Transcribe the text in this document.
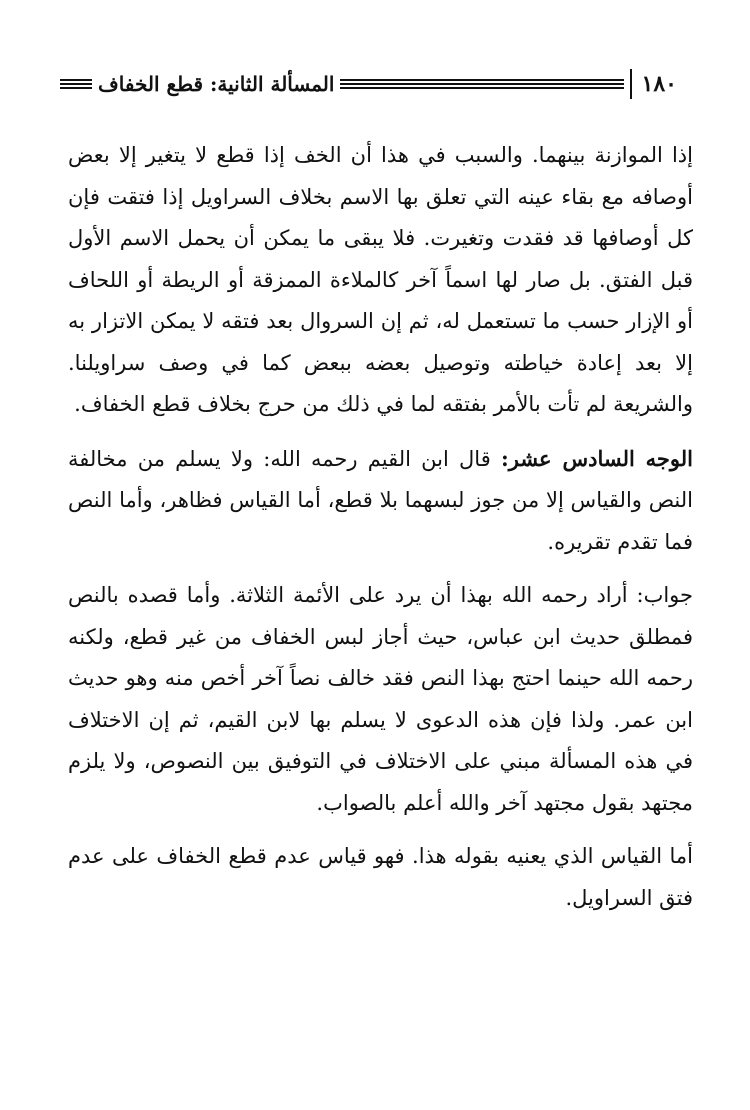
١٨٠
المسألة الثانية: قطع الخفاف

إذا الموازنة بينهما. والسبب في هذا أن الخف إذا قطع لا يتغير إلا بعض أوصافه مع بقاء عينه التي تعلق بها الاسم بخلاف السراويل إذا فتقت فإن كل أوصافها قد فقدت وتغيرت. فلا يبقى ما يمكن أن يحمل الاسم الأول قبل الفتق. بل صار لها اسماً آخر كالملاءة الممزقة أو الريطة أو اللحاف أو الإزار حسب ما تستعمل له، ثم إن السروال بعد فتقه لا يمكن الاتزار به إلا بعد إعادة خياطته وتوصيل بعضه ببعض كما في وصف سراويلنا. والشريعة لم تأت بالأمر بفتقه لما في ذلك من حرج بخلاف قطع الخفاف.

الوجه السادس عشر: قال ابن القيم رحمه الله: ولا يسلم من مخالفة النص والقياس إلا من جوز لبسهما بلا قطع، أما القياس فظاهر، وأما النص فما تقدم تقريره.

جواب: أراد رحمه الله بهذا أن يرد على الأئمة الثلاثة. وأما قصده بالنص فمطلق حديث ابن عباس، حيث أجاز لبس الخفاف من غير قطع، ولكنه رحمه الله حينما احتج بهذا النص فقد خالف نصاً آخر أخص منه وهو حديث ابن عمر. ولذا فإن هذه الدعوى لا يسلم بها لابن القيم، ثم إن الاختلاف في هذه المسألة مبني على الاختلاف في التوفيق بين النصوص، ولا يلزم مجتهد بقول مجتهد آخر والله أعلم بالصواب.

أما القياس الذي يعنيه بقوله هذا. فهو قياس عدم قطع الخفاف على عدم فتق السراويل.
